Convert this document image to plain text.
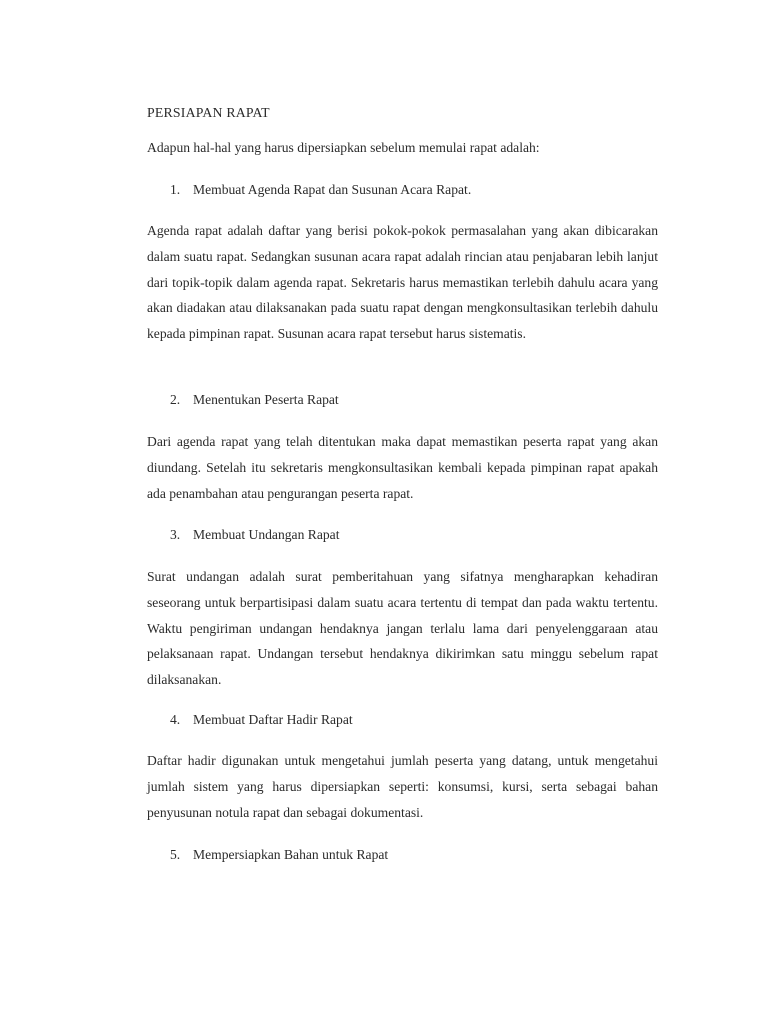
PERSIAPAN RAPAT

Adapun hal-hal yang harus dipersiapkan sebelum memulai rapat adalah:

1. Membuat Agenda Rapat dan Susunan Acara Rapat.

Agenda rapat adalah daftar yang berisi pokok-pokok permasalahan yang akan dibicarakan dalam suatu rapat. Sedangkan susunan acara rapat adalah rincian atau penjabaran lebih lanjut dari topik-topik dalam agenda rapat. Sekretaris harus memastikan terlebih dahulu acara yang akan diadakan atau dilaksanakan pada suatu rapat dengan mengkonsultasikan terlebih dahulu kepada pimpinan rapat. Susunan acara rapat tersebut harus sistematis.

2. Menentukan Peserta Rapat

Dari agenda rapat yang telah ditentukan maka dapat memastikan peserta rapat yang akan diundang. Setelah itu sekretaris mengkonsultasikan kembali kepada pimpinan rapat apakah ada penambahan atau pengurangan peserta rapat.

3. Membuat Undangan Rapat

Surat undangan adalah surat pemberitahuan yang sifatnya mengharapkan kehadiran seseorang untuk berpartisipasi dalam suatu acara tertentu di tempat dan pada waktu tertentu. Waktu pengiriman undangan hendaknya jangan terlalu lama dari penyelenggaraan atau pelaksanaan rapat. Undangan tersebut hendaknya dikirimkan satu minggu sebelum rapat dilaksanakan.

4. Membuat Daftar Hadir Rapat

Daftar hadir digunakan untuk mengetahui jumlah peserta yang datang, untuk mengetahui jumlah sistem yang harus dipersiapkan seperti: konsumsi, kursi, serta sebagai bahan penyusunan notula rapat dan sebagai dokumentasi.

5. Mempersiapkan Bahan untuk Rapat
